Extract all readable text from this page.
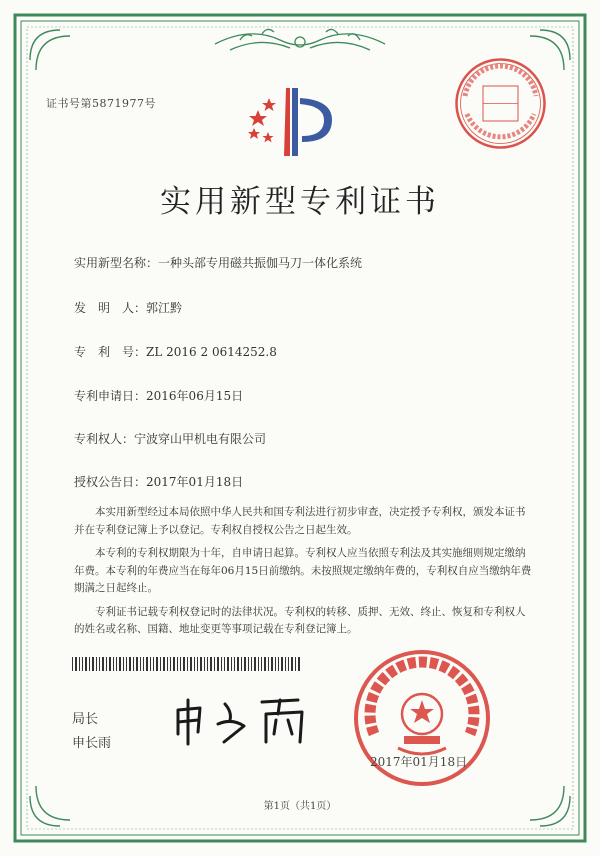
证书号第5871977号
实用新型专利证书
实用新型名称：一种头部专用磁共振伽马刀一体化系统
发　明　人：郭江黔
专　利　号：ZL 2016 2 0614252.8
专利申请日：2016年06月15日
专利权人：宁波穿山甲机电有限公司
授权公告日：2017年01月18日

本实用新型经过本局依照中华人民共和国专利法进行初步审查，决定授予专利权，颁发本证书并在专利登记簿上予以登记。专利权自授权公告之日起生效。

本专利的专利权期限为十年，自申请日起算。专利权人应当依照专利法及其实施细则规定缴纳年费。本专利的年费应当在每年06月15日前缴纳。未按照规定缴纳年费的，专利权自应当缴纳年费期满之日起终止。

专利证书记载专利权登记时的法律状况。专利权的转移、质押、无效、终止、恢复和专利权人的姓名或名称、国籍、地址变更等事项记载在专利登记簿上。

局长
申长雨
2017年01月18日
第1页（共1页）
